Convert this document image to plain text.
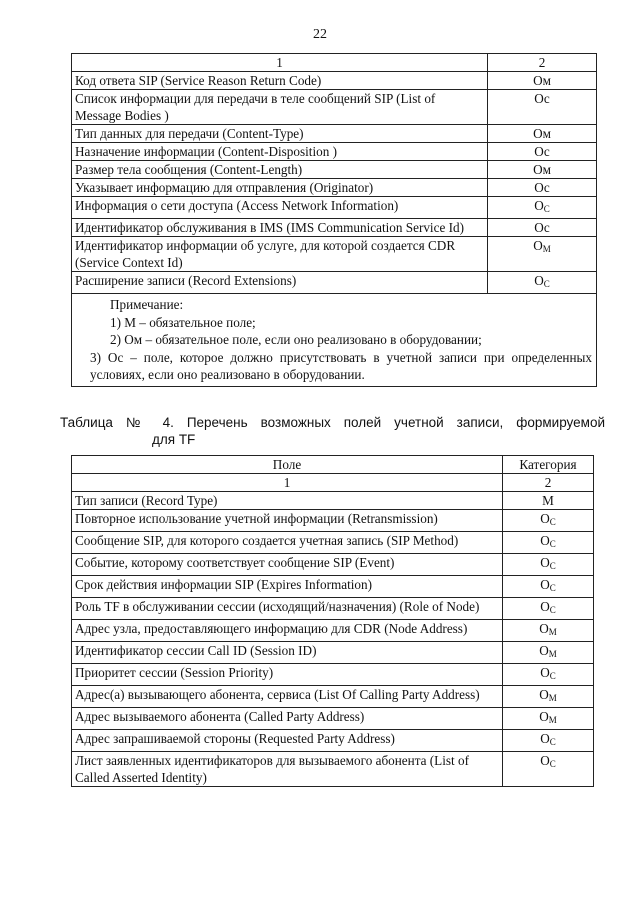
22
1	2
Код ответа SIP (Service Reason Return Code)	Ом
Список информации для передачи в теле сообщений SIP (List of Message Bodies )	Ос
Тип данных для передачи (Content-Type)	Ом
Назначение информации (Content-Disposition )	Ос
Размер тела сообщения (Content-Length)	Ом
Указывает информацию для отправления (Originator)	Ос
Информация о сети доступа (Access Network Information)	$О_С$
Идентификатор обслуживания в IMS (IMS Communication Service Id)	Ос
Идентификатор информации об услуге, для которой создается CDR (Service Context Id)	$О_М$
Расширение записи (Record Extensions)	$О_С$

Примечание:

1) М – обязательное поле;

2) Ом – обязательное поле, если оно реализовано в оборудовании;

3) Ос – поле, которое должно присутствовать в учетной записи при определенных условиях, если оно реализовано в оборудовании.	

Таблица № 4. Перечень возможных полей учетной записи, формируемой
для TF
Поле	Категория
1	2
Тип записи (Record Type)	М
Повторное использование учетной информации (Retransmission)	$О_С$
Сообщение SIP, для которого создается учетная запись (SIP Method)	$О_С$
Событие, которому соответствует сообщение SIP (Event)	$О_С$
Срок действия информации SIP (Expires Information)	$О_С$
Роль TF в обслуживании сессии (исходящий/назначения) (Role of Node)	$О_С$
Адрес узла, предоставляющего информацию для CDR (Node Address)	$О_М$
Идентификатор сессии Call ID (Session ID)	$О_М$
Приоритет сессии (Session Priority)	$О_С$
Адрес(а) вызывающего абонента, сервиса (List Of Calling Party Address)	$О_М$
Адрес вызываемого абонента (Called Party Address)	$О_М$
Адрес запрашиваемой стороны (Requested Party Address)	$О_С$
Лист заявленных идентификаторов для вызываемого абонента (List of Called Asserted Identity)	$О_С$
